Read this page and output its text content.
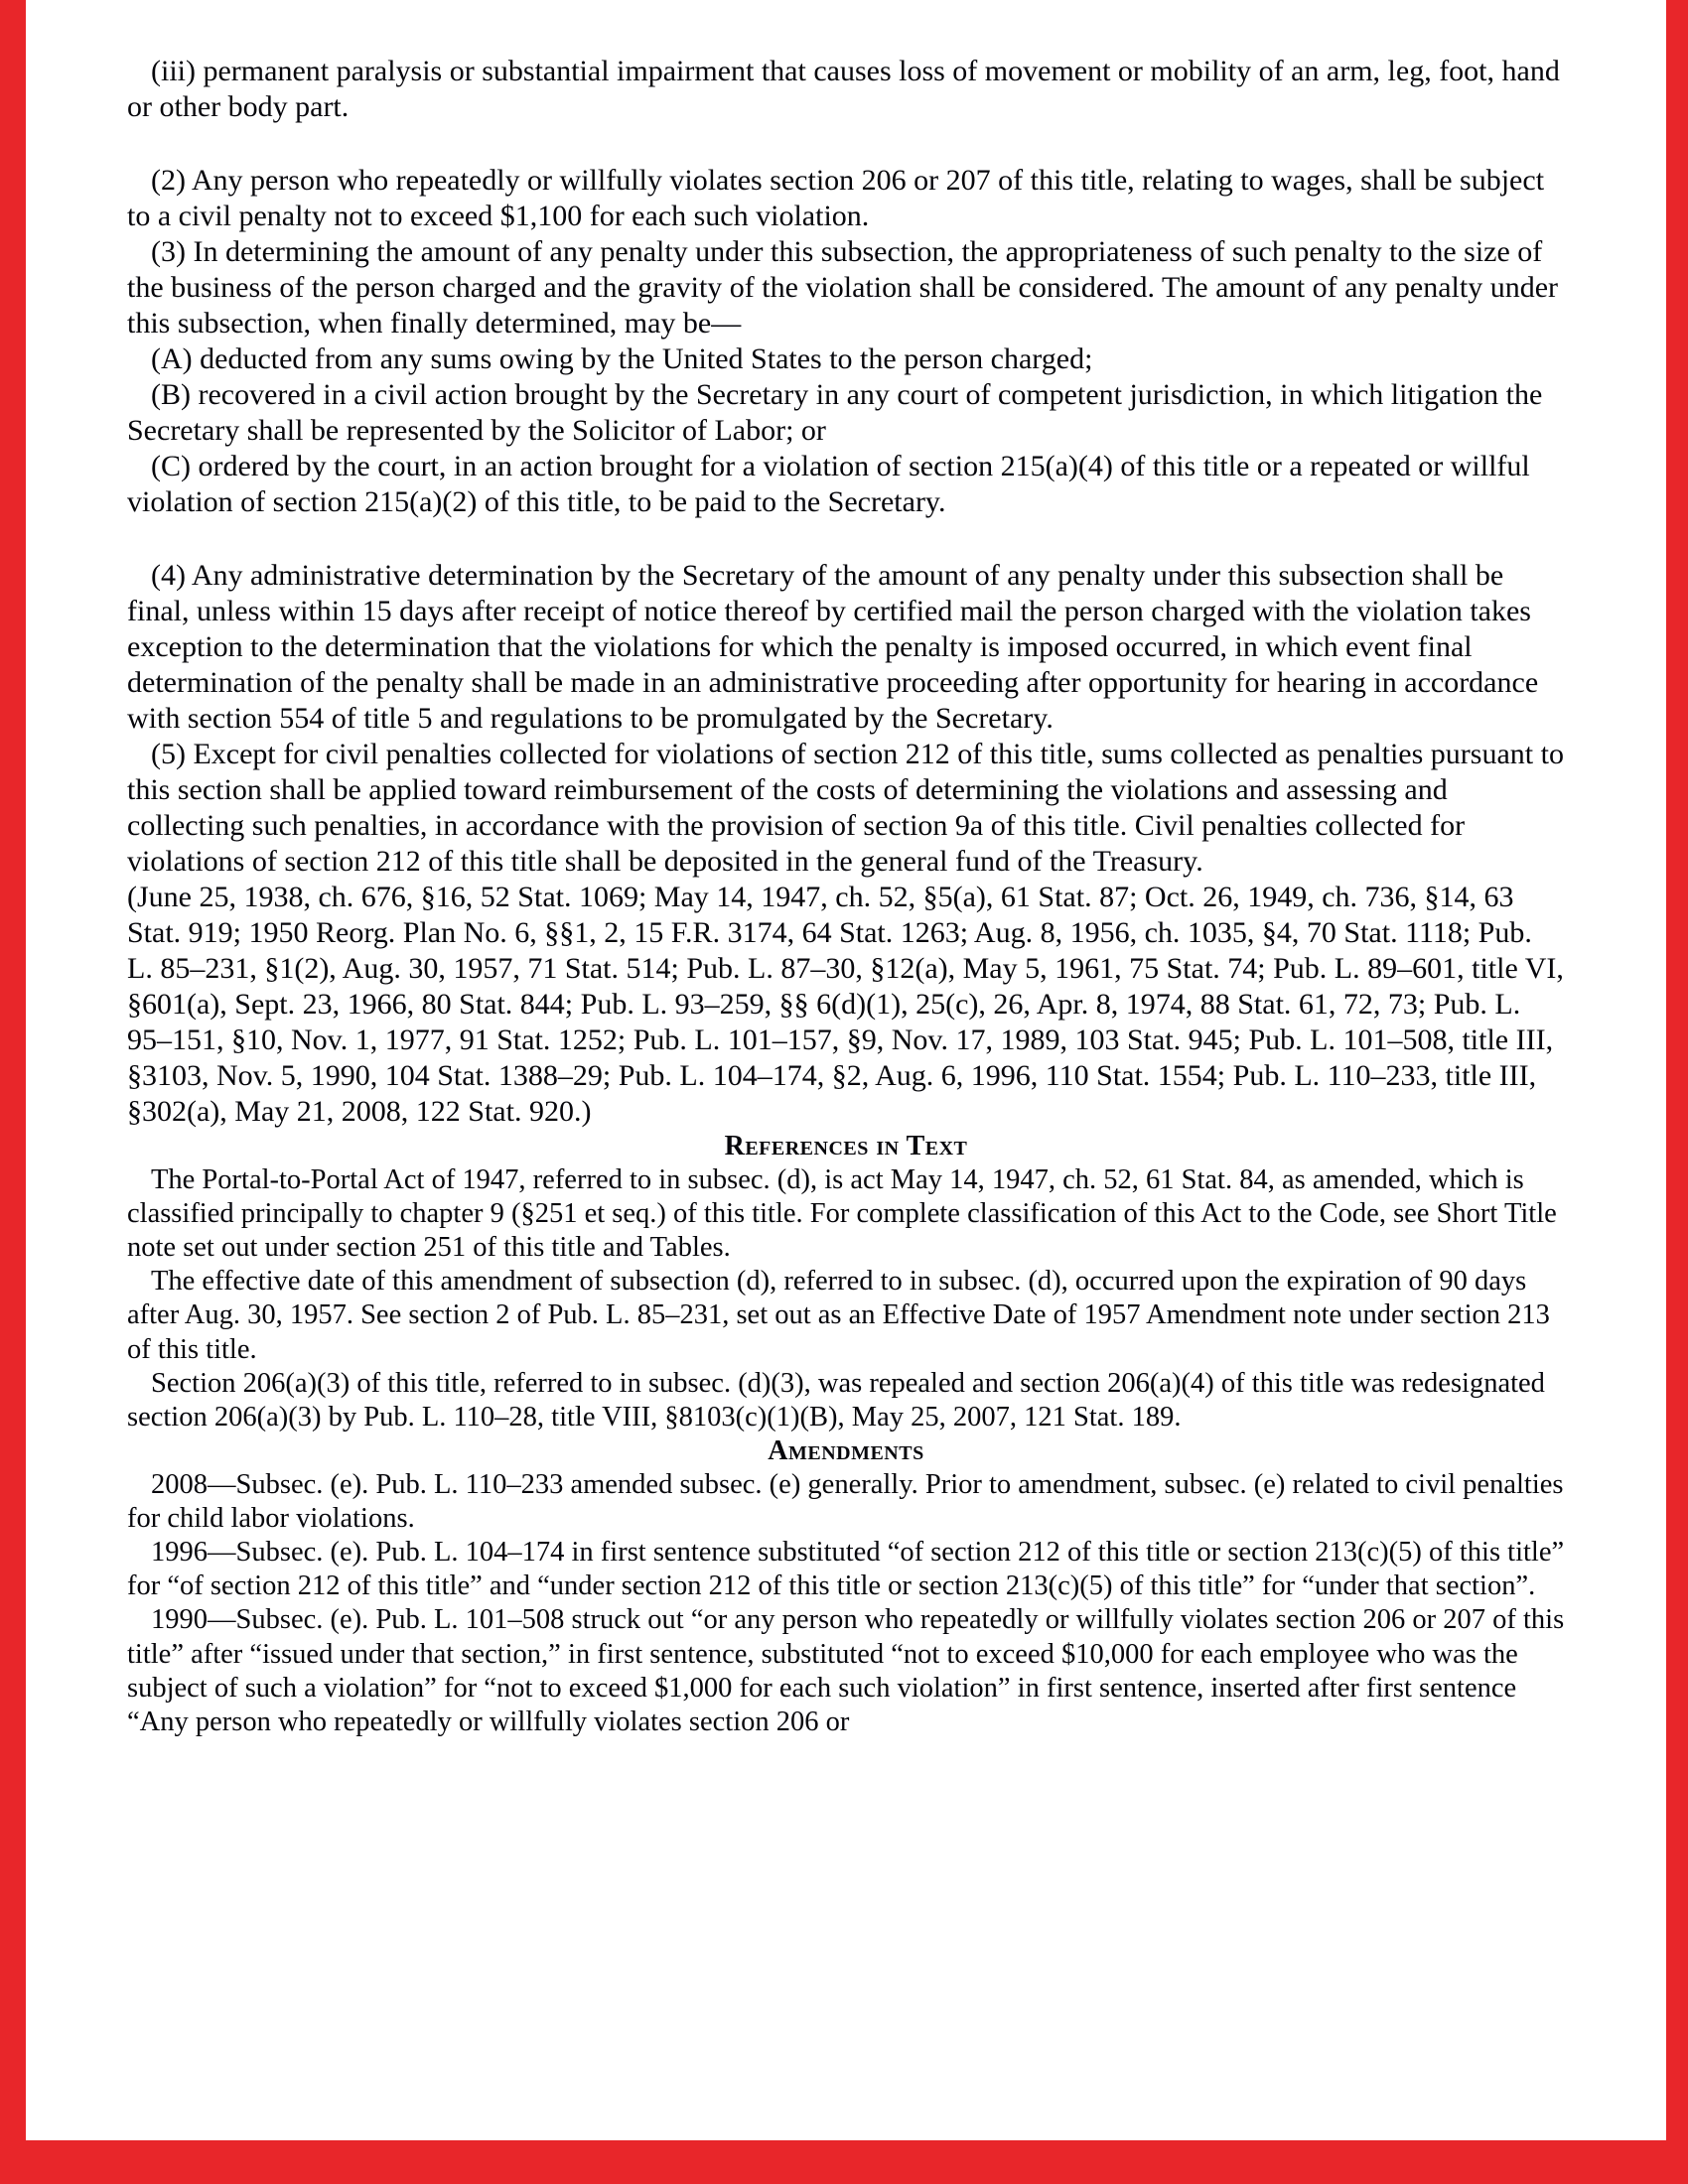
(iii) permanent paralysis or substantial impairment that causes loss of movement or mobility of an arm, leg, foot, hand or other body part.

(2) Any person who repeatedly or willfully violates section 206 or 207 of this title, relating to wages, shall be subject to a civil penalty not to exceed $1,100 for each such violation.

(3) In determining the amount of any penalty under this subsection, the appropriateness of such penalty to the size of the business of the person charged and the gravity of the violation shall be considered. The amount of any penalty under this subsection, when finally determined, may be—

(A) deducted from any sums owing by the United States to the person charged;

(B) recovered in a civil action brought by the Secretary in any court of competent jurisdiction, in which litigation the Secretary shall be represented by the Solicitor of Labor; or

(C) ordered by the court, in an action brought for a violation of section 215(a)(4) of this title or a repeated or willful violation of section 215(a)(2) of this title, to be paid to the Secretary.

(4) Any administrative determination by the Secretary of the amount of any penalty under this subsection shall be final, unless within 15 days after receipt of notice thereof by certified mail the person charged with the violation takes exception to the determination that the violations for which the penalty is imposed occurred, in which event final determination of the penalty shall be made in an administrative proceeding after opportunity for hearing in accordance with section 554 of title 5 and regulations to be promulgated by the Secretary.

(5) Except for civil penalties collected for violations of section 212 of this title, sums collected as penalties pursuant to this section shall be applied toward reimbursement of the costs of determining the violations and assessing and collecting such penalties, in accordance with the provision of section 9a of this title. Civil penalties collected for violations of section 212 of this title shall be deposited in the general fund of the Treasury.

(June 25, 1938, ch. 676, §16, 52 Stat. 1069; May 14, 1947, ch. 52, §5(a), 61 Stat. 87; Oct. 26, 1949, ch. 736, §14, 63 Stat. 919; 1950 Reorg. Plan No. 6, §§1, 2, 15 F.R. 3174, 64 Stat. 1263; Aug. 8, 1956, ch. 1035, §4, 70 Stat. 1118; Pub. L. 85–231, §1(2), Aug. 30, 1957, 71 Stat. 514; Pub. L. 87–30, §12(a), May 5, 1961, 75 Stat. 74; Pub. L. 89–601, title VI, §601(a), Sept. 23, 1966, 80 Stat. 844; Pub. L. 93–259, §§ 6(d)(1), 25(c), 26, Apr. 8, 1974, 88 Stat. 61, 72, 73; Pub. L. 95–151, §10, Nov. 1, 1977, 91 Stat. 1252; Pub. L. 101–157, §9, Nov. 17, 1989, 103 Stat. 945; Pub. L. 101–508, title III, §3103, Nov. 5, 1990, 104 Stat. 1388–29; Pub. L. 104–174, §2, Aug. 6, 1996, 110 Stat. 1554; Pub. L. 110–233, title III, §302(a), May 21, 2008, 122 Stat. 920.)

References in Text

The Portal-to-Portal Act of 1947, referred to in subsec. (d), is act May 14, 1947, ch. 52, 61 Stat. 84, as amended, which is classified principally to chapter 9 (§251 et seq.) of this title. For complete classification of this Act to the Code, see Short Title note set out under section 251 of this title and Tables.

The effective date of this amendment of subsection (d), referred to in subsec. (d), occurred upon the expiration of 90 days after Aug. 30, 1957. See section 2 of Pub. L. 85–231, set out as an Effective Date of 1957 Amendment note under section 213 of this title.

Section 206(a)(3) of this title, referred to in subsec. (d)(3), was repealed and section 206(a)(4) of this title was redesignated section 206(a)(3) by Pub. L. 110–28, title VIII, §8103(c)(1)(B), May 25, 2007, 121 Stat. 189.

Amendments

2008—Subsec. (e). Pub. L. 110–233 amended subsec. (e) generally. Prior to amendment, subsec. (e) related to civil penalties for child labor violations.

1996—Subsec. (e). Pub. L. 104–174 in first sentence substituted “of section 212 of this title or section 213(c)(5) of this title” for “of section 212 of this title” and “under section 212 of this title or section 213(c)(5) of this title” for “under that section”.

1990—Subsec. (e). Pub. L. 101–508 struck out “or any person who repeatedly or willfully violates section 206 or 207 of this title” after “issued under that section,” in first sentence, substituted “not to exceed $10,000 for each employee who was the subject of such a violation” for “not to exceed $1,000 for each such violation” in first sentence, inserted after first sentence “Any person who repeatedly or willfully violates section 206 or
